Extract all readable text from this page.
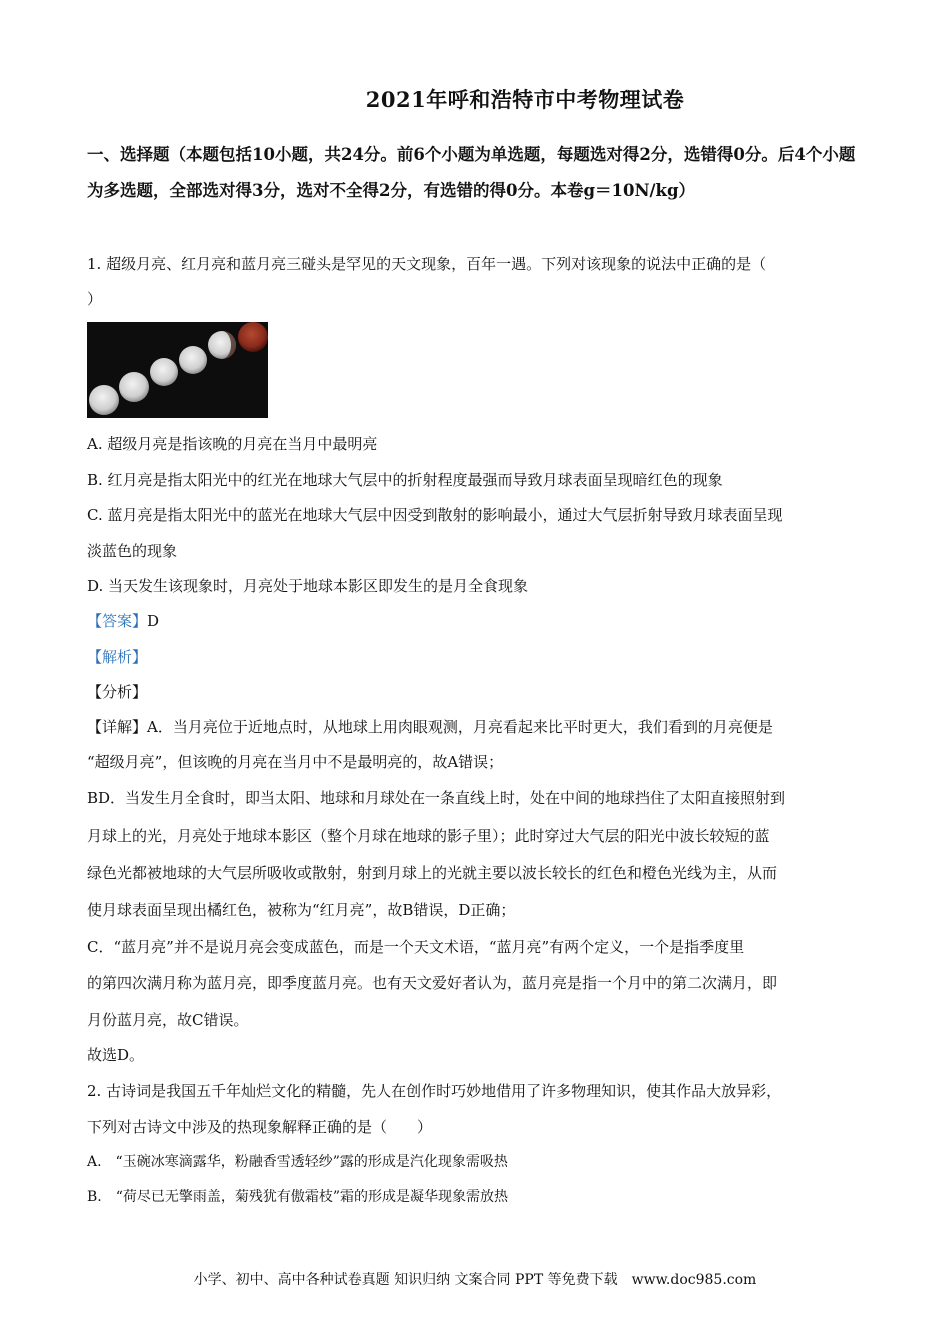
2021年呼和浩特市中考物理试卷
一、选择题（本题包括10小题，共24分。前6个小题为单选题，每题选对得2分，选错得0分。后4个小题为多选题，全部选对得3分，选对不全得2分，有选错的得0分。本卷g＝10N/kg）
1. 超级月亮、红月亮和蓝月亮三碰头是罕见的天文现象，百年一遇。下列对该现象的说法中正确的是（
）
A. 超级月亮是指该晚的月亮在当月中最明亮
B. 红月亮是指太阳光中的红光在地球大气层中的折射程度最强而导致月球表面呈现暗红色的现象
C. 蓝月亮是指太阳光中的蓝光在地球大气层中因受到散射的影响最小，通过大气层折射导致月球表面呈现
淡蓝色的现象
D. 当天发生该现象时，月亮处于地球本影区即发生的是月全食现象
【答案】D
【解析】
【分析】
【详解】A．当月亮位于近地点时，从地球上用肉眼观测，月亮看起来比平时更大，我们看到的月亮便是
“超级月亮”，但该晚的月亮在当月中不是最明亮的，故A错误；
BD．当发生月全食时，即当太阳、地球和月球处在一条直线上时，处在中间的地球挡住了太阳直接照射到
月球上的光，月亮处于地球本影区（整个月球在地球的影子里）；此时穿过大气层的阳光中波长较短的蓝
绿色光都被地球的大气层所吸收或散射，射到月球上的光就主要以波长较长的红色和橙色光线为主，从而
使月球表面呈现出橘红色，被称为“红月亮”，故B错误，D正确；
C．“蓝月亮”并不是说月亮会变成蓝色，而是一个天文术语，“蓝月亮”有两个定义，一个是指季度里
的第四次满月称为蓝月亮，即季度蓝月亮。也有天文爱好者认为，蓝月亮是指一个月中的第二次满月，即
月份蓝月亮，故C错误。
故选D。
2. 古诗词是我国五千年灿烂文化的精髓，先人在创作时巧妙地借用了许多物理知识，使其作品大放异彩，
下列对古诗文中涉及的热现象解释正确的是（　　）
A.　“玉碗冰寒滴露华，粉融香雪透轻纱”露的形成是汽化现象需吸热
B.　“荷尽已无擎雨盖，菊残犹有傲霜枝”霜的形成是凝华现象需放热
小学、初中、高中各种试卷真题 知识归纳 文案合同 PPT 等免费下载　www.doc985.com
